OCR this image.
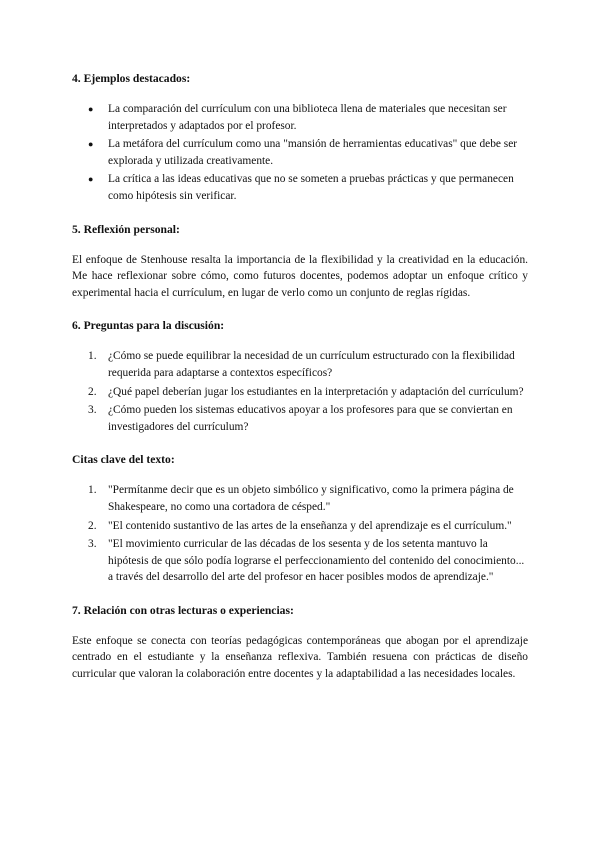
4. Ejemplos destacados:
● La comparación del currículum con una biblioteca llena de materiales que necesitan ser interpretados y adaptados por el profesor.
● La metáfora del currículum como una "mansión de herramientas educativas" que debe ser explorada y utilizada creativamente.
● La crítica a las ideas educativas que no se someten a pruebas prácticas y que permanecen como hipótesis sin verificar.
5. Reflexión personal:

El enfoque de Stenhouse resalta la importancia de la flexibilidad y la creatividad en la educación. Me hace reflexionar sobre cómo, como futuros docentes, podemos adoptar un enfoque crítico y experimental hacia el currículum, en lugar de verlo como un conjunto de reglas rígidas.

6. Preguntas para la discusión:
1. ¿Cómo se puede equilibrar la necesidad de un currículum estructurado con la flexibilidad requerida para adaptarse a contextos específicos?
2. ¿Qué papel deberían jugar los estudiantes en la interpretación y adaptación del currículum?
3. ¿Cómo pueden los sistemas educativos apoyar a los profesores para que se conviertan en investigadores del currículum?
Citas clave del texto:
1. "Permítanme decir que es un objeto simbólico y significativo, como la primera página de Shakespeare, no como una cortadora de césped."
2. "El contenido sustantivo de las artes de la enseñanza y del aprendizaje es el currículum."
3. "El movimiento curricular de las décadas de los sesenta y de los setenta mantuvo la hipótesis de que sólo podía lograrse el perfeccionamiento del contenido del conocimiento... a través del desarrollo del arte del profesor en hacer posibles modos de aprendizaje."
7. Relación con otras lecturas o experiencias:

Este enfoque se conecta con teorías pedagógicas contemporáneas que abogan por el aprendizaje centrado en el estudiante y la enseñanza reflexiva. También resuena con prácticas de diseño curricular que valoran la colaboración entre docentes y la adaptabilidad a las necesidades locales.
